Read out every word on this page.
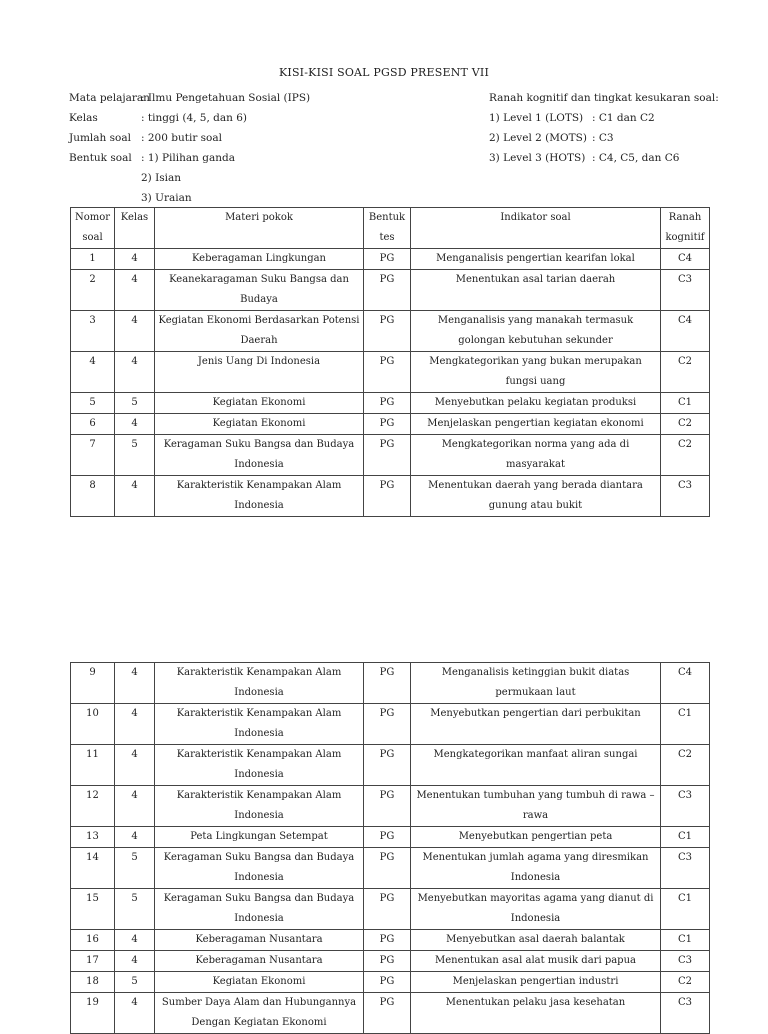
KISI-KISI SOAL PGSD PRESENT VII
Mata pelajaran: Ilmu Pengetahuan Sosial (IPS)
Kelas	: tinggi (4, 5, dan 6)
Jumlah soal : 200 butir soal
Bentuk soal : 1) Pilihan ganda
2) Isian
3) Uraian
Ranah kognitif dan tingkat kesukaran soal:
1) Level 1 (LOTS) : C1 dan C2
2) Level 2 (MOTS) : C3
3) Level 3 (HOTS) : C4, C5, dan C6
Nomor soal	Kelas	Materi pokok	Bentuk tes	Indikator soal	Ranah kognitif
1	4	Keberagaman Lingkungan	PG	Menganalisis pengertian kearifan lokal	C4
2	4	Keanekaragaman Suku Bangsa dan Budaya	PG	Menentukan asal tarian daerah	C3
3	4	Kegiatan Ekonomi Berdasarkan Potensi Daerah	PG	Menganalisis yang manakah termasuk golongan kebutuhan sekunder	C4
4	4	Jenis Uang Di Indonesia	PG	Mengkategorikan yang bukan merupakan fungsi uang	C2
5	5	Kegiatan Ekonomi	PG	Menyebutkan pelaku kegiatan produksi	C1
6	4	Kegiatan Ekonomi	PG	Menjelaskan pengertian kegiatan ekonomi	C2
7	5	Keragaman Suku Bangsa dan Budaya Indonesia	PG	Mengkategorikan norma yang ada di masyarakat	C2
8	4	Karakteristik Kenampakan Alam Indonesia	PG	Menentukan daerah yang berada diantara gunung atau bukit	C3
9	4	Karakteristik Kenampakan Alam Indonesia	PG	Menganalisis ketinggian bukit diatas permukaan laut	C4
10	4	Karakteristik Kenampakan Alam Indonesia	PG	Menyebutkan pengertian dari perbukitan	C1
11	4	Karakteristik Kenampakan Alam Indonesia	PG	Mengkategorikan manfaat aliran sungai	C2
12	4	Karakteristik Kenampakan Alam Indonesia	PG	Menentukan tumbuhan yang tumbuh di rawa – rawa	C3
13	4	Peta Lingkungan Setempat	PG	Menyebutkan pengertian peta	C1
14	5	Keragaman Suku Bangsa dan Budaya Indonesia	PG	Menentukan jumlah agama yang diresmikan Indonesia	C3
15	5	Keragaman Suku Bangsa dan Budaya Indonesia	PG	Menyebutkan mayoritas agama yang dianut di Indonesia	C1
16	4	Keberagaman Nusantara	PG	Menyebutkan asal daerah balantak	C1
17	4	Keberagaman Nusantara	PG	Menentukan asal alat musik dari papua	C3
18	5	Kegiatan Ekonomi	PG	Menjelaskan pengertian industri	C2
19	4	Sumber Daya Alam dan Hubungannya Dengan Kegiatan Ekonomi	PG	Menentukan pelaku jasa kesehatan	C3
